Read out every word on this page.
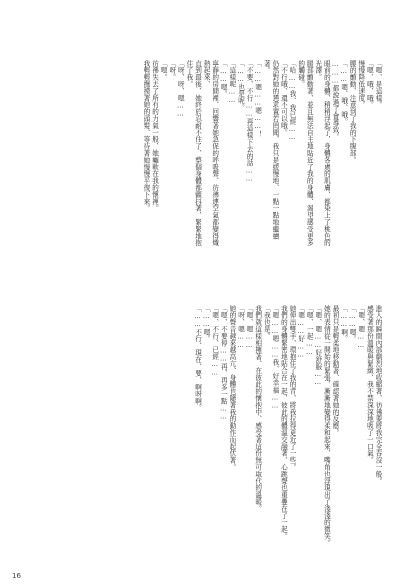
「嗯、是這樣。

「嗯、哦、哦。

慢慢降低速度，

腰的顫動、注意到了我的下腹部。

「……嗯、哦、哦。

………都說過了會導致。

眼前的身體、稍稍浮起了，身體各處的肌膚、都染上了桃色的光澤。

腿部顫動著、並且無法自主地貼近了我的身體、渴望感受更多的觸碰。

「哈……我、我已經……

「不行哦、還不可以哦。

仍然對她的懇求置若罔聞，我只是緩慢地、一點一點地繼續著。

「……嗯……嗯……！

「不要、不行……再這樣下去的話……

「……也是呢。

「這樣呢……

「……嗯。

寧靜的房間裡、回響著她急促的呼吸聲、彷彿連空氣都變得熾熱起來、

直到最後、她終於忍耐不住了、整個身體都顫抖著、緊緊地抱住了我。

「呀、呀、嗯……

「呀。

「嗯。

彷彿失去了所有的力氣一般、她癱軟在我的懷裡。

我輕輕撫摸著她的頭髮、等待著她慢慢平復下來。

進入的瞬間內部劇烈地收縮著、彷彿要將我完全吞沒一般。

感受著那份溫暖與緊緻、我不禁深深地吸了一口氣。

「嗯、嗯……

「……嗯。

「……啊。

最初只是輕柔地移動著、確認著她的反應。

她的表情從一開始的緊張、漸漸地變得柔和起來、嘴角也浮現出了淺淺的微笑。

「嗯、嗯……好舒服……

「嗯、一起……

「嗯……好……

她伸出雙手、環抱住了我的背、將我拉得更近了一些。

我們的身體緊密地貼合在一起、彼此的體溫交融著、心跳聲也重疊在了一起。

「嗯……嗯……我、好幸福……

「我也是。

我們就這樣相擁著、在彼此的懷抱中、感受著這份無可取代的溫暖。

「嗯、嗯……

「呀、嗯……

她的聲音越來越高亢、身體也隨著我的動作而起伏著。

「嗯、不要停……再、再多一點……

「嗯、不行、已經……

「……嗯。

「……不行、現在、要、啊呀啊。

16
